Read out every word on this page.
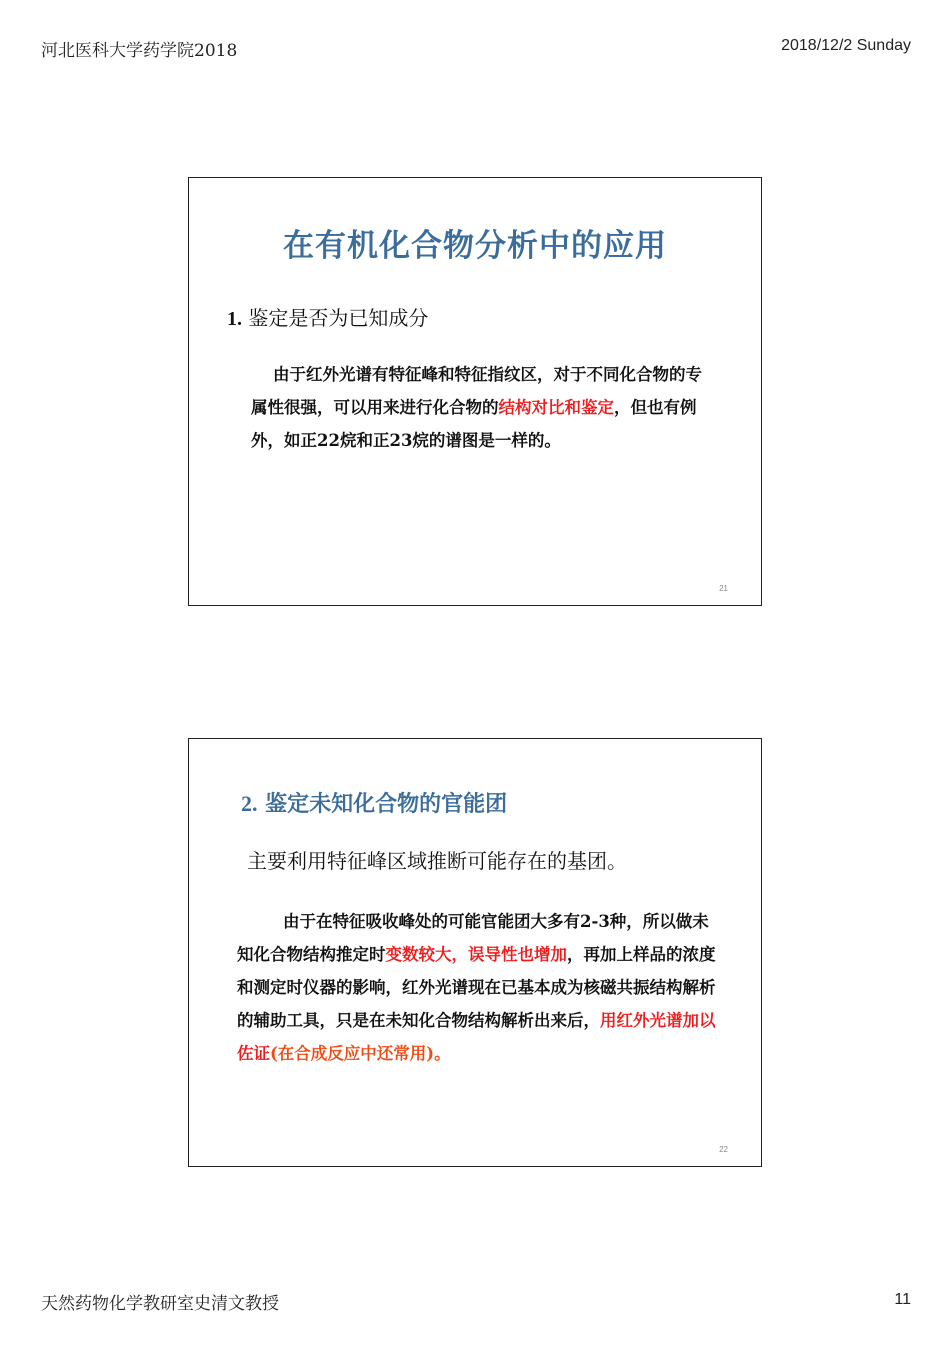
河北医科大学药学院2018	2018/12/2 Sunday
在有机化合物分析中的应用
1. 鉴定是否为已知成分
由于红外光谱有特征峰和特征指纹区，对于不同化合物的专属性很强，可以用来进行化合物的结构对比和鉴定，但也有例外，如正22烷和正23烷的谱图是一样的。
21
2. 鉴定未知化合物的官能团
主要利用特征峰区域推断可能存在的基团。
由于在特征吸收峰处的可能官能团大多有2-3种，所以做未知化合物结构推定时变数较大，误导性也增加，再加上样品的浓度和测定时仪器的影响，红外光谱现在已基本成为核磁共振结构解析的辅助工具，只是在未知化合物结构解析出来后，用红外光谱加以佐证(在合成反应中还常用)。
22
天然药物化学教研室史清文教授	11
